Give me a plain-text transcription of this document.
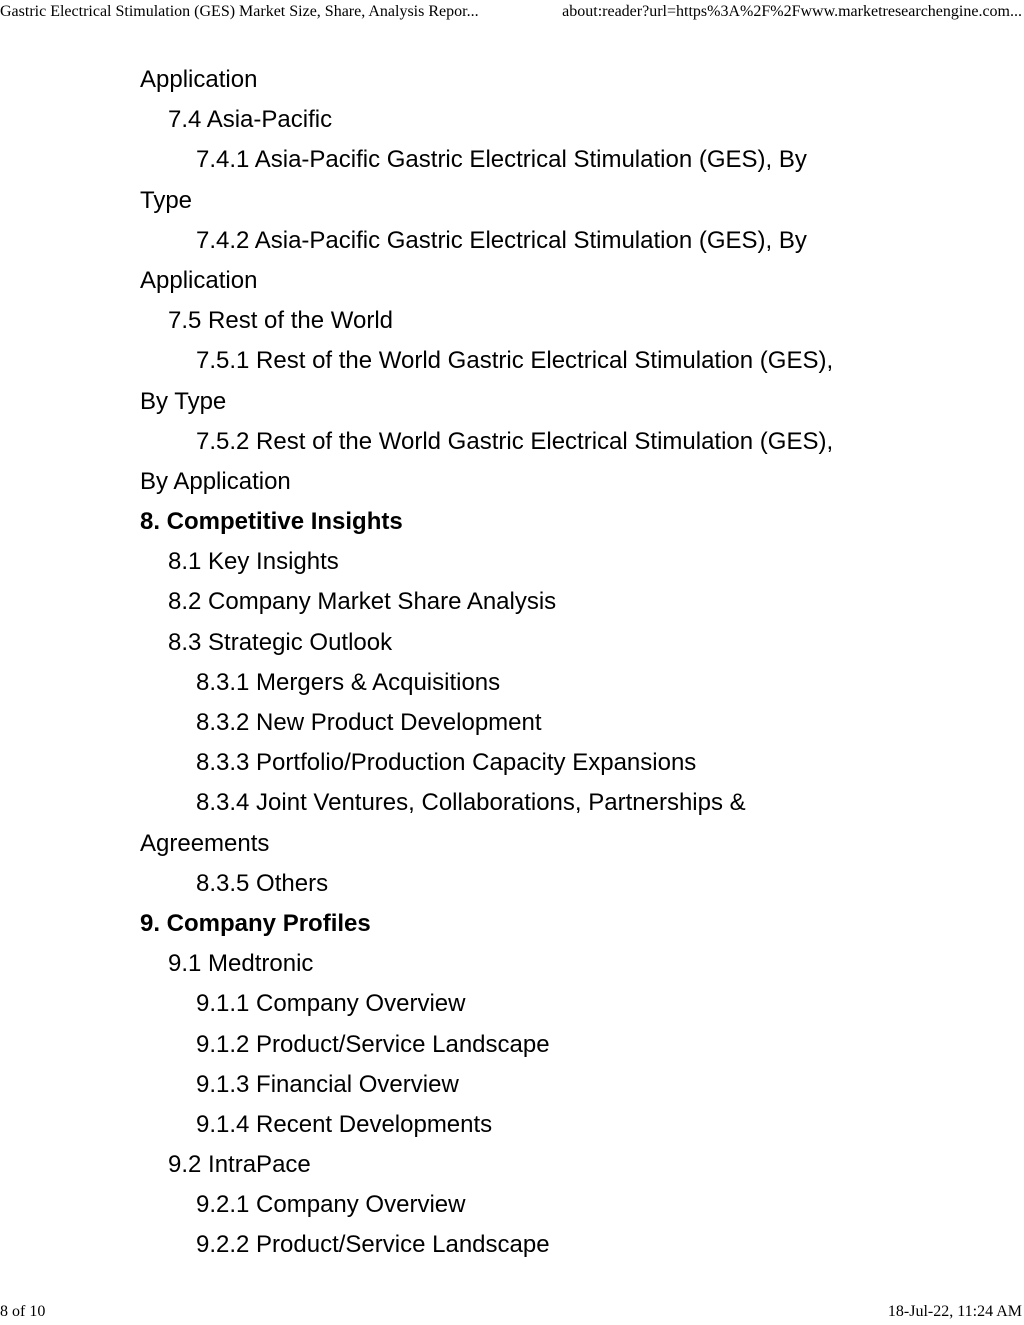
Gastric Electrical Stimulation (GES) Market Size, Share, Analysis Repor...	about:reader?url=https%3A%2F%2Fwww.marketresearchengine.com...
Application
7.4 Asia-Pacific
7.4.1 Asia-Pacific Gastric Electrical Stimulation (GES), By
Type
7.4.2 Asia-Pacific Gastric Electrical Stimulation (GES), By
Application
7.5 Rest of the World
7.5.1 Rest of the World Gastric Electrical Stimulation (GES),
By Type
7.5.2 Rest of the World Gastric Electrical Stimulation (GES),
By Application
8. Competitive Insights
8.1 Key Insights
8.2 Company Market Share Analysis
8.3 Strategic Outlook
8.3.1 Mergers & Acquisitions
8.3.2 New Product Development
8.3.3 Portfolio/Production Capacity Expansions
8.3.4 Joint Ventures, Collaborations, Partnerships &
Agreements
8.3.5 Others
9. Company Profiles
9.1 Medtronic
9.1.1 Company Overview
9.1.2 Product/Service Landscape
9.1.3 Financial Overview
9.1.4 Recent Developments
9.2 IntraPace
9.2.1 Company Overview
9.2.2 Product/Service Landscape
8 of 10	18-Jul-22, 11:24 AM
